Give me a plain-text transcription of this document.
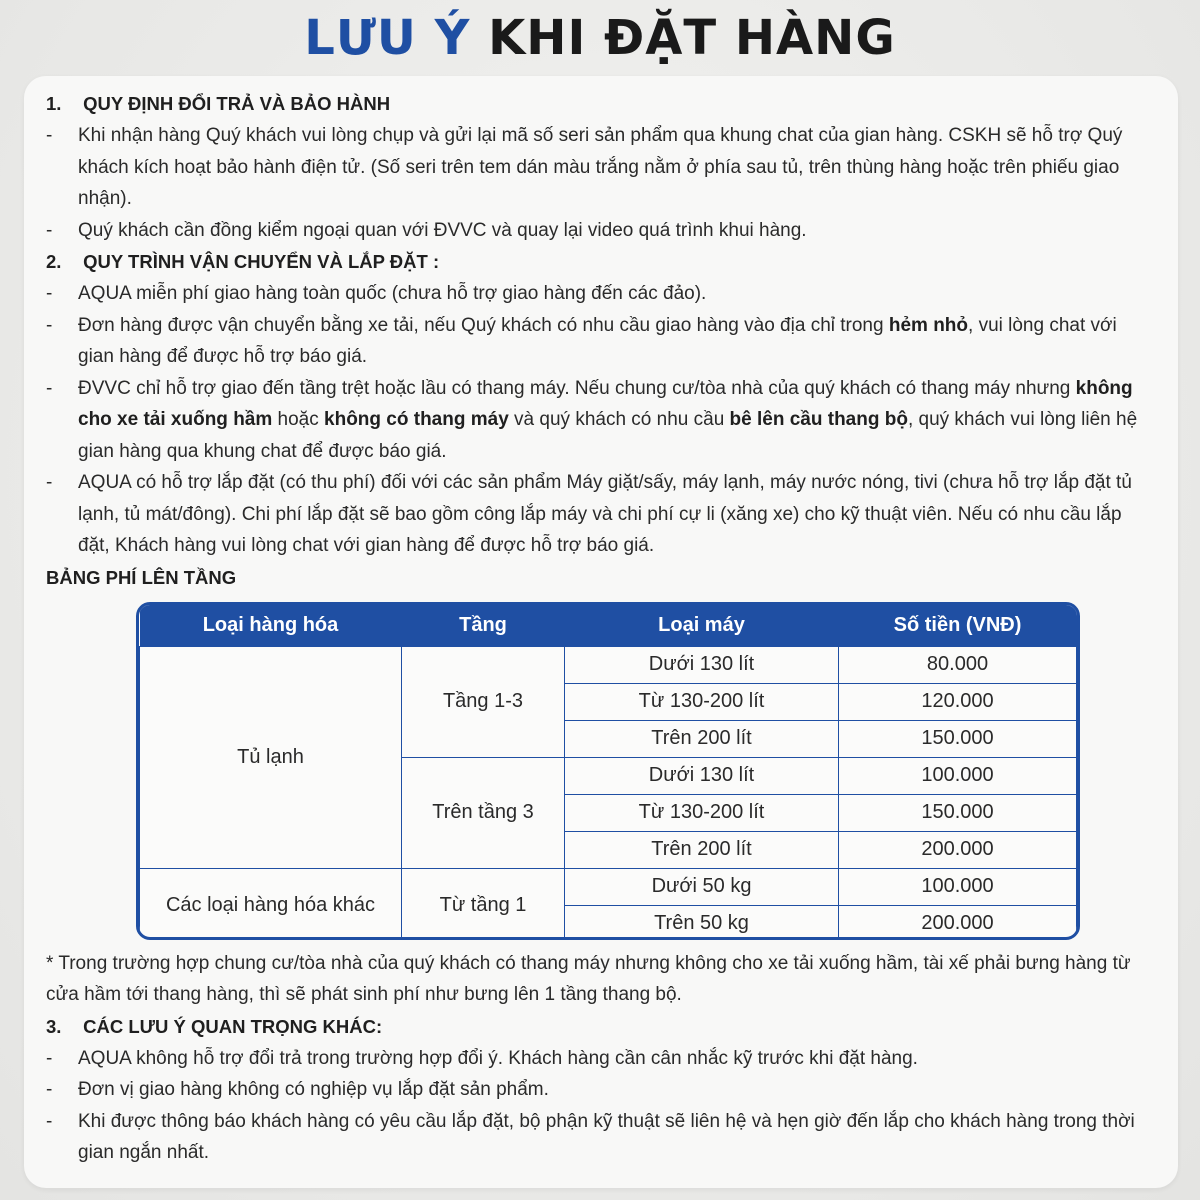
LƯU Ý KHI ĐẶT HÀNG
1. QUY ĐỊNH ĐỔI TRẢ VÀ BẢO HÀNH
- Khi nhận hàng Quý khách vui lòng chụp và gửi lại mã số seri sản phẩm qua khung chat của gian hàng. CSKH sẽ hỗ trợ Quý khách kích hoạt bảo hành điện tử. (Số seri trên tem dán màu trắng nằm ở phía sau tủ, trên thùng hàng hoặc trên phiếu giao nhận).
- Quý khách cần đồng kiểm ngoại quan với ĐVVC và quay lại video quá trình khui hàng.
2. QUY TRÌNH VẬN CHUYỂN VÀ LẮP ĐẶT :
- AQUA miễn phí giao hàng toàn quốc (chưa hỗ trợ giao hàng đến các đảo).
- Đơn hàng được vận chuyển bằng xe tải, nếu Quý khách có nhu cầu giao hàng vào địa chỉ trong hẻm nhỏ, vui lòng chat với gian hàng để được hỗ trợ báo giá.
- ĐVVC chỉ hỗ trợ giao đến tầng trệt hoặc lầu có thang máy. Nếu chung cư/tòa nhà của quý khách có thang máy nhưng không cho xe tải xuống hầm hoặc không có thang máy và quý khách có nhu cầu bê lên cầu thang bộ, quý khách vui lòng liên hệ gian hàng qua khung chat để được báo giá.
- AQUA có hỗ trợ lắp đặt (có thu phí) đối với các sản phẩm Máy giặt/sấy, máy lạnh, máy nước nóng, tivi (chưa hỗ trợ lắp đặt tủ lạnh, tủ mát/đông). Chi phí lắp đặt sẽ bao gồm công lắp máy và chi phí cự li (xăng xe) cho kỹ thuật viên. Nếu có nhu cầu lắp đặt, Khách hàng vui lòng chat với gian hàng để được hỗ trợ báo giá.
BẢNG PHÍ LÊN TẦNG
Loại hàng hóa	Tầng	Loại máy	Số tiền (VNĐ)
Tủ lạnh	Tầng 1-3	Dưới 130 lít	80.000
		Từ 130-200 lít	120.000
		Trên 200 lít	150.000
	Trên tầng 3	Dưới 130 lít	100.000
		Từ 130-200 lít	150.000
		Trên 200 lít	200.000
Các loại hàng hóa khác	Từ tầng 1	Dưới 50 kg	100.000
		Trên 50 kg	200.000
* Trong trường hợp chung cư/tòa nhà của quý khách có thang máy nhưng không cho xe tải xuống hầm, tài xế phải bưng hàng từ cửa hầm tới thang hàng, thì sẽ phát sinh phí như bưng lên 1 tầng thang bộ.
3. CÁC LƯU Ý QUAN TRỌNG KHÁC:
- AQUA không hỗ trợ đổi trả trong trường hợp đổi ý. Khách hàng cần cân nhắc kỹ trước khi đặt hàng.
- Đơn vị giao hàng không có nghiệp vụ lắp đặt sản phẩm.
- Khi được thông báo khách hàng có yêu cầu lắp đặt, bộ phận kỹ thuật sẽ liên hệ và hẹn giờ đến lắp cho khách hàng trong thời gian ngắn nhất.
